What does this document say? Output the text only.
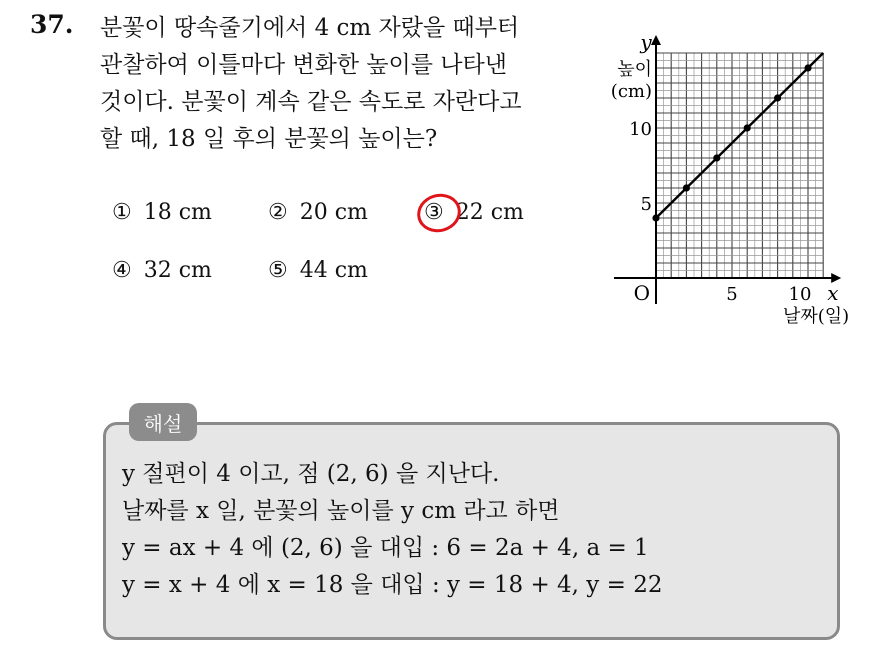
37. 분꽃이 땅속줄기에서 4 cm 자랐을 때부터
관찰하여 이틀마다 변화한 높이를 나타낸
것이다. 분꽃이 계속 같은 속도로 자란다고
할 때, 18 일 후의 분꽃의 높이는?
① 18 cm	② 20 cm	③ 22 cm
④ 32 cm	⑤ 44 cm
y
높이
(cm)
x
날짜(일)
O	5	10
5
10
해설
y 절편이 4 이고, 점 (2, 6) 을 지난다.
날짜를 x 일, 분꽃의 높이를 y cm 라고 하면
y = ax + 4 에 (2, 6) 을 대입 : 6 = 2a + 4, a = 1
y = x + 4 에 x = 18 을 대입 : y = 18 + 4, y = 22
